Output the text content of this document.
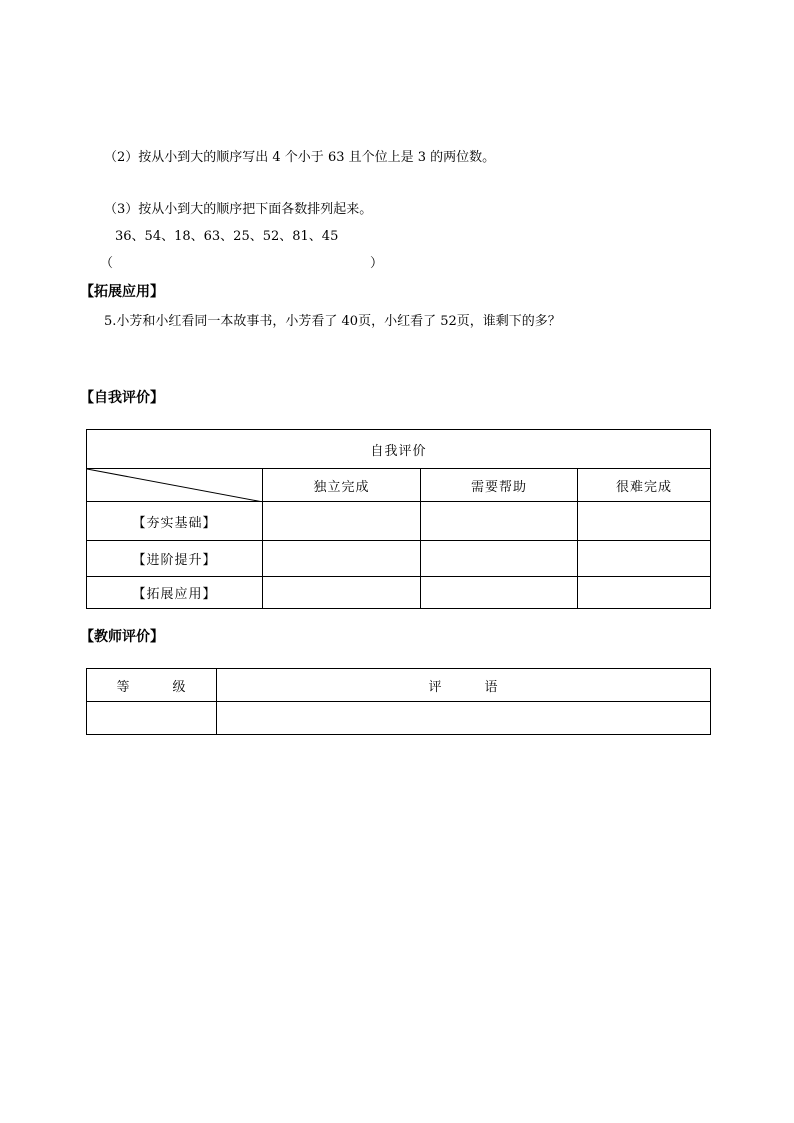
（2）按从小到大的顺序写出 4 个小于 63 且个位上是 3 的两位数。
（3）按从小到大的顺序把下面各数排列起来。
36、54、18、63、25、52、81、45
（	）
【拓展应用】
5.小芳和小红看同一本故事书，小芳看了 40页，小红看了 52页，谁剩下的多？
【自我评价】
自我评价			

	独立完成	需要帮助	很难完成
【夯实基础】			
【进阶提升】			
【拓展应用】			
【教师评价】
等　　　级	评　　　语
